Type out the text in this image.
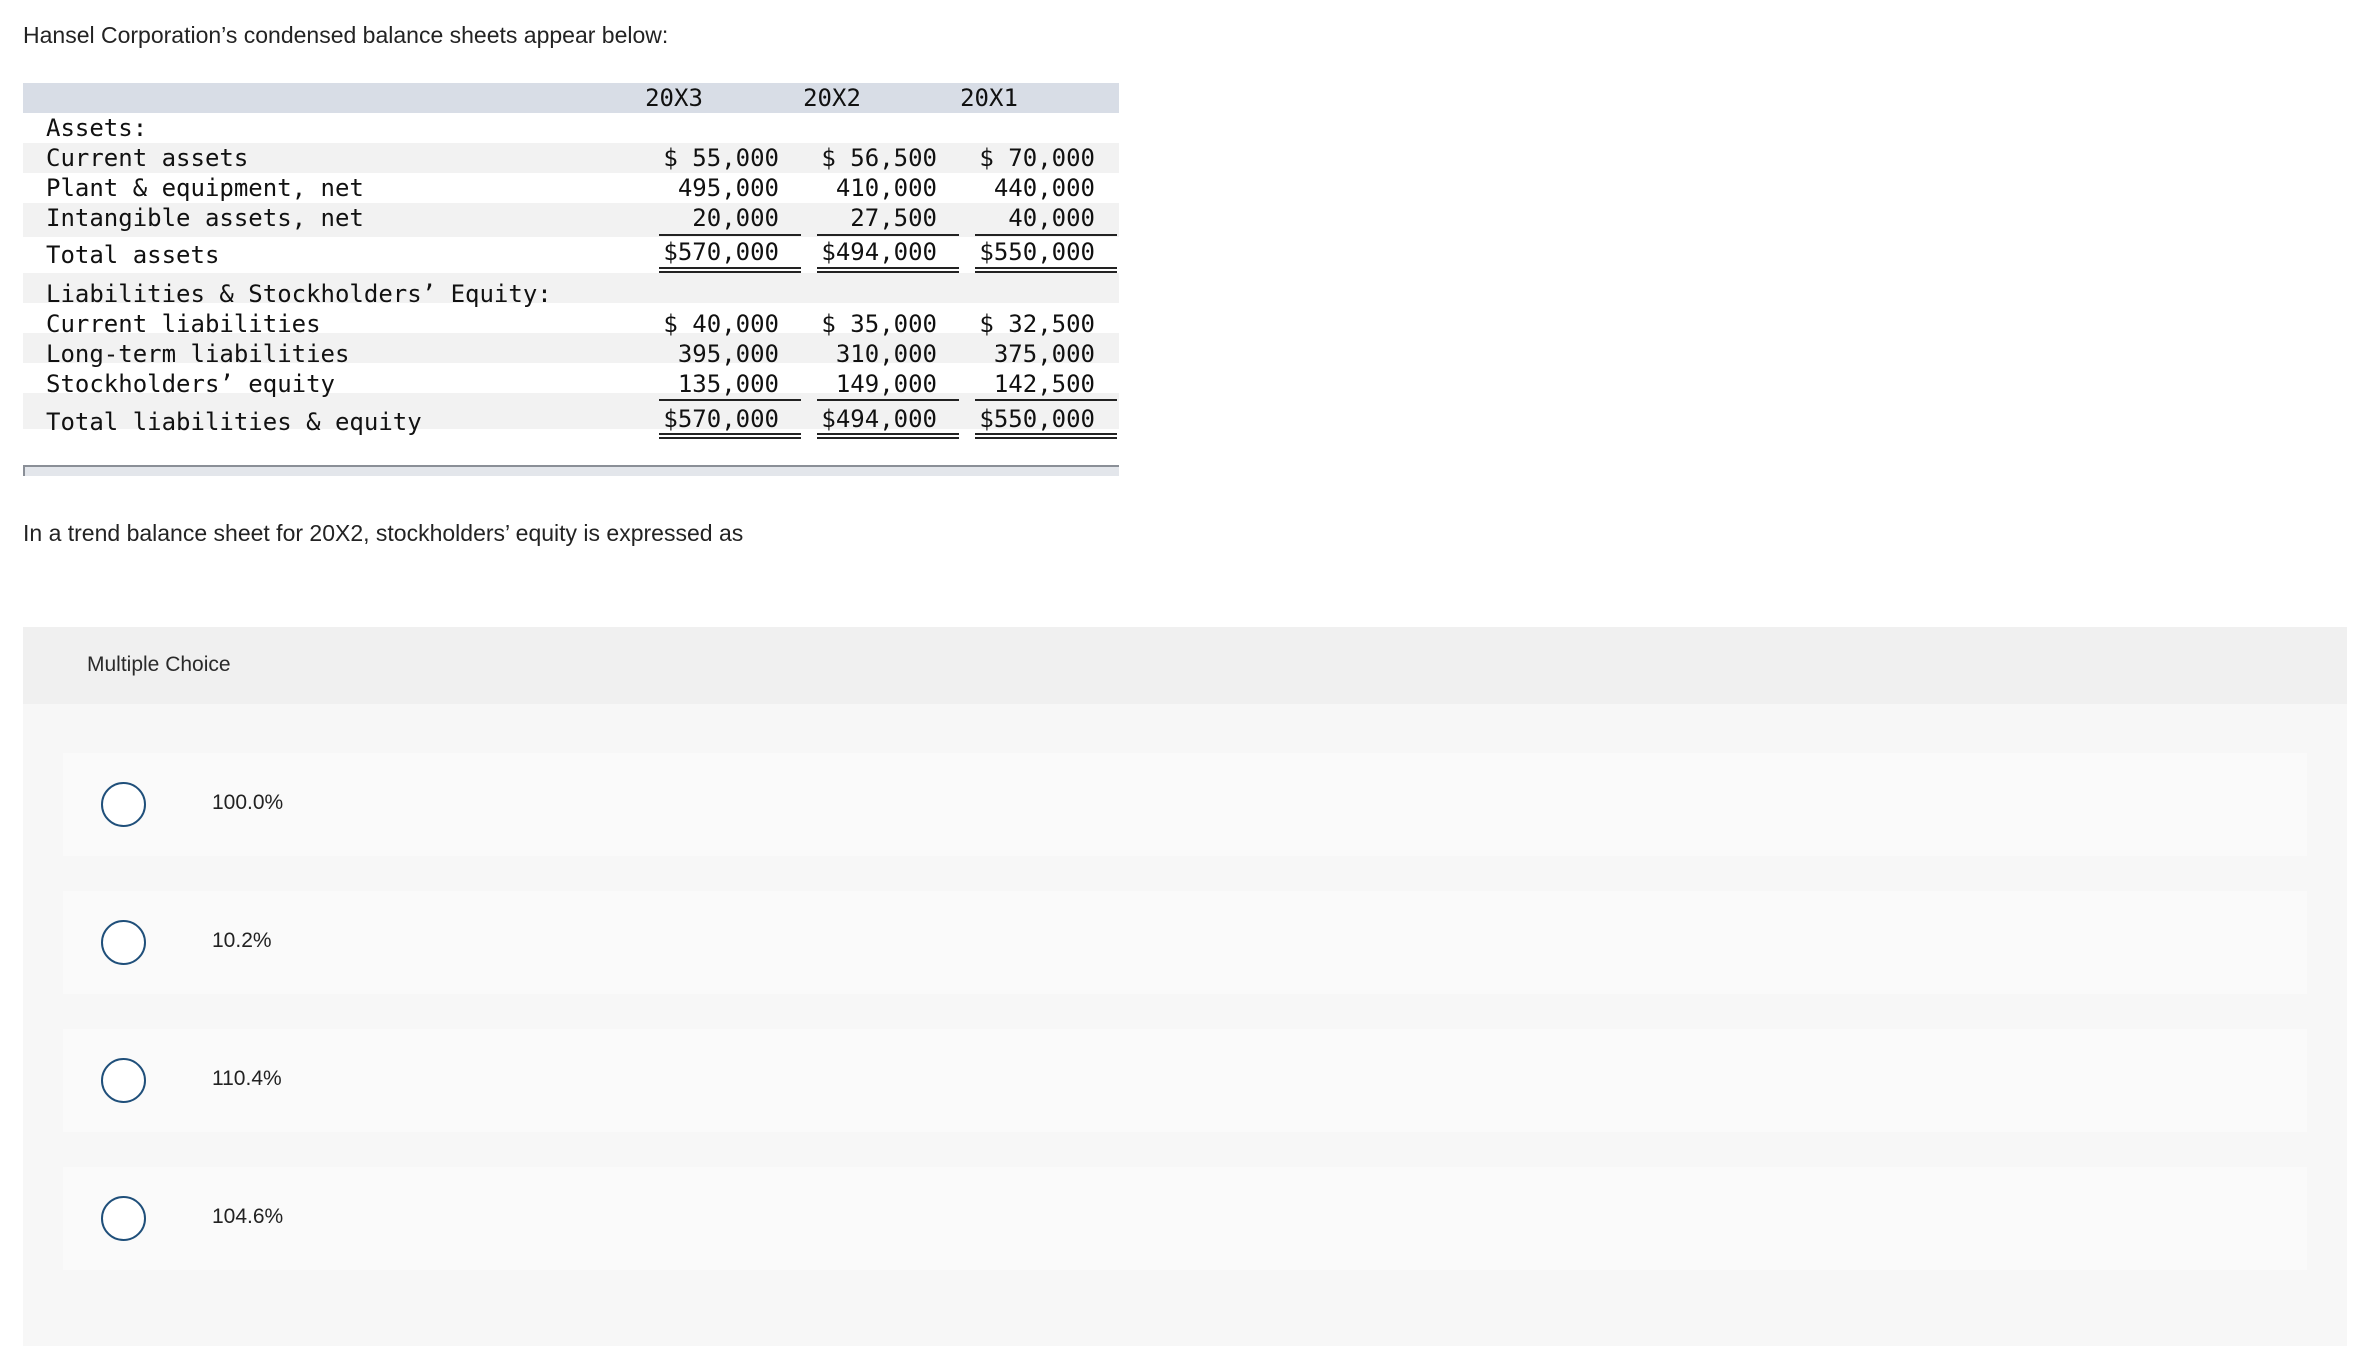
Hansel Corporation’s condensed balance sheets appear below:
20X3	20X2	20X1
Assets:
Current assets	$ 55,000	$ 56,500	$ 70,000
Plant & equipment, net	495,000	410,000	440,000
Intangible assets, net	20,000	27,500	40,000
Total assets	$570,000	$494,000	$550,000
Liabilities & Stockholders’ Equity:
Current liabilities	$ 40,000	$ 35,000	$ 32,500
Long-term liabilities	395,000	310,000	375,000
Stockholders’ equity	135,000	149,000	142,500
Total liabilities & equity	$570,000	$494,000	$550,000
In a trend balance sheet for 20X2, stockholders’ equity is expressed as
Multiple Choice
100.0%
10.2%
110.4%
104.6%
